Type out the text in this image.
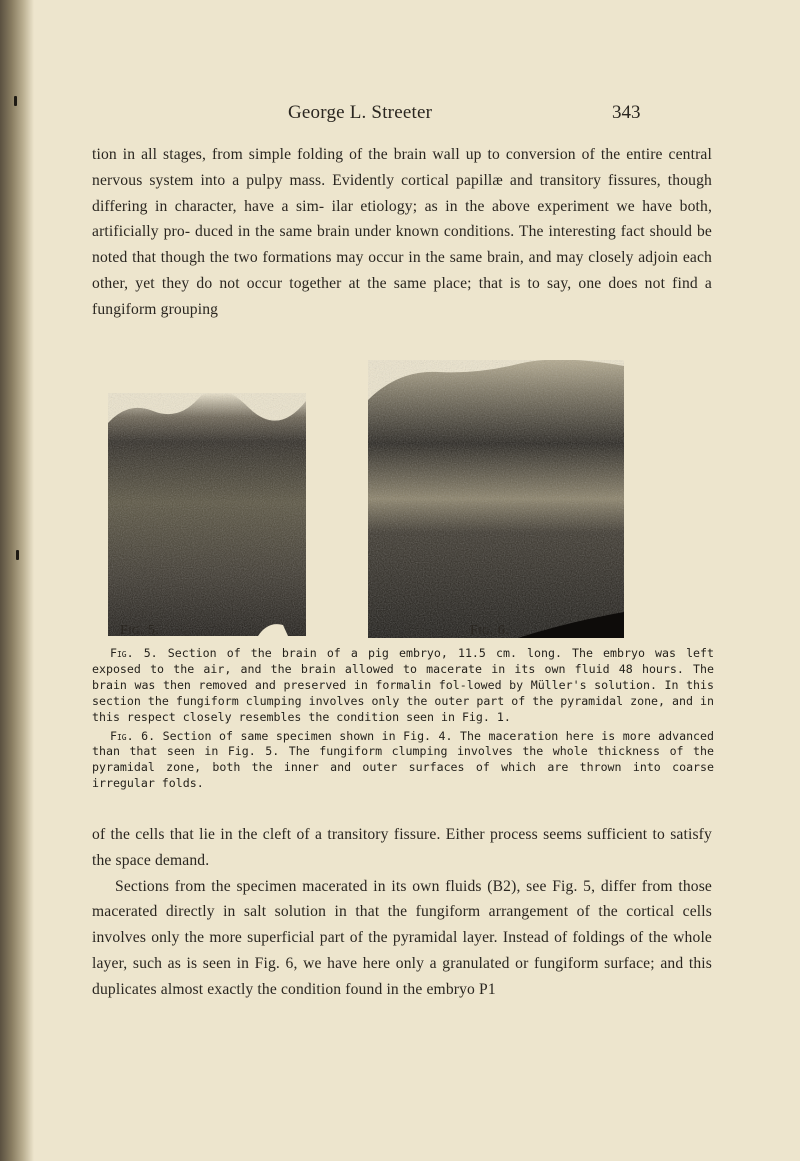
George L. Streeter	343

tion in all stages, from simple folding of the brain wall up to conversion of the entire central nervous system into a pulpy mass. Evidently cortical papillæ and transitory fissures, though differing in character, have a sim- ilar etiology; as in the above experiment we have both, artificially pro- duced in the same brain under known conditions. The interesting fact should be noted that though the two formations may occur in the same brain, and may closely adjoin each other, yet they do not occur together at the same place; that is to say, one does not find a fungiform grouping

Fig. 5.	Fig. 6.

Fig. 5. Section of the brain of a pig embryo, 11.5 cm. long. The embryo was left exposed to the air, and the brain allowed to macerate in its own fluid 48 hours. The brain was then removed and preserved in formalin fol-lowed by Müller's solution. In this section the fungiform clumping involves only the outer part of the pyramidal zone, and in this respect closely resembles the condition seen in Fig. 1.

Fig. 6. Section of same specimen shown in Fig. 4. The maceration here is more advanced than that seen in Fig. 5. The fungiform clumping involves the whole thickness of the pyramidal zone, both the inner and outer surfaces of which are thrown into coarse irregular folds.

of the cells that lie in the cleft of a transitory fissure. Either process seems sufficient to satisfy the space demand.

Sections from the specimen macerated in its own fluids (B2), see Fig. 5, differ from those macerated directly in salt solution in that the fungiform arrangement of the cortical cells involves only the more superficial part of the pyramidal layer. Instead of foldings of the whole layer, such as is seen in Fig. 6, we have here only a granulated or fungiform surface; and this duplicates almost exactly the condition found in the embryo P1
